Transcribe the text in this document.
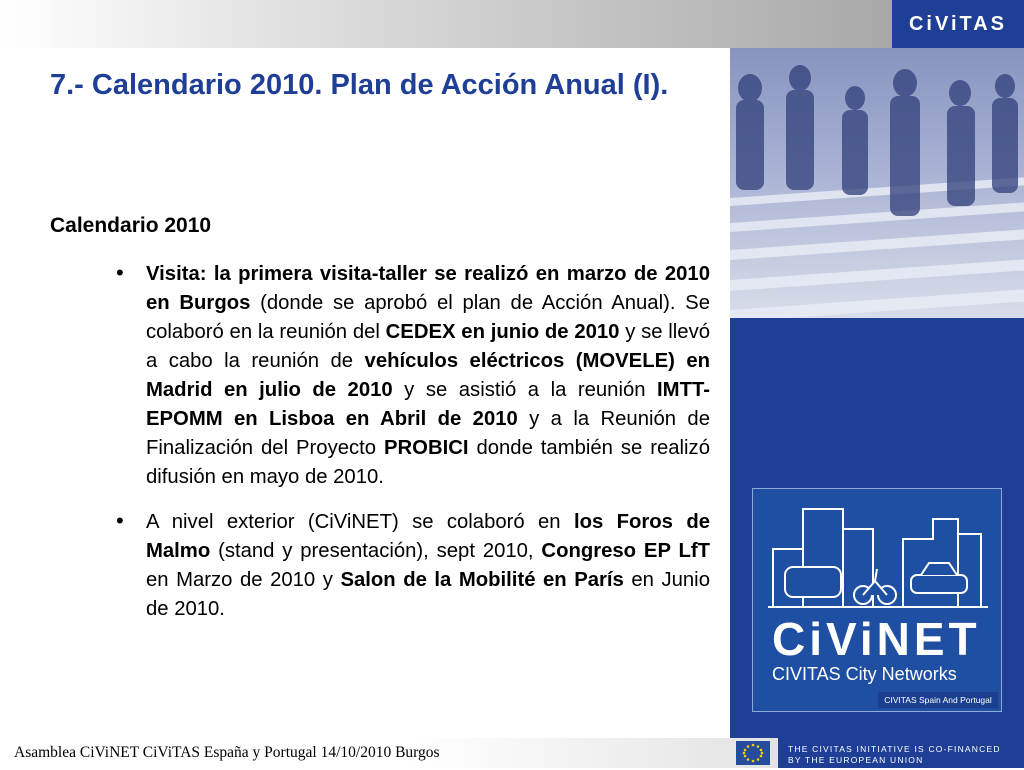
CiViTAS
7.- Calendario 2010. Plan de Acción Anual (I).
Calendario 2010
• Visita: la primera visita-taller se realizó en marzo de 2010 en Burgos (donde se aprobó el plan de Acción Anual). Se colaboró en la reunión del CEDEX en junio de 2010 y se llevó a cabo la reunión de vehículos eléctricos (MOVELE) en Madrid en julio de 2010 y se asistió a la reunión IMTT-EPOMM en Lisboa en Abril de 2010 y a la Reunión de Finalización del Proyecto PROBICI donde también se realizó difusión en mayo de 2010.
• A nivel exterior (CiViNET) se colaboró en los Foros de Malmo (stand y presentación), sept 2010, Congreso EP LfT en Marzo de 2010 y Salon de la Mobilité en París en Junio de 2010.
CiViNET
CIVITAS City Networks
CIVITAS Spain And Portugal
Asamblea CiViNET CiViTAS España y Portugal 14/10/2010 Burgos	THE CIVITAS INITIATIVE IS CO-FINANCED
BY THE EUROPEAN UNION
